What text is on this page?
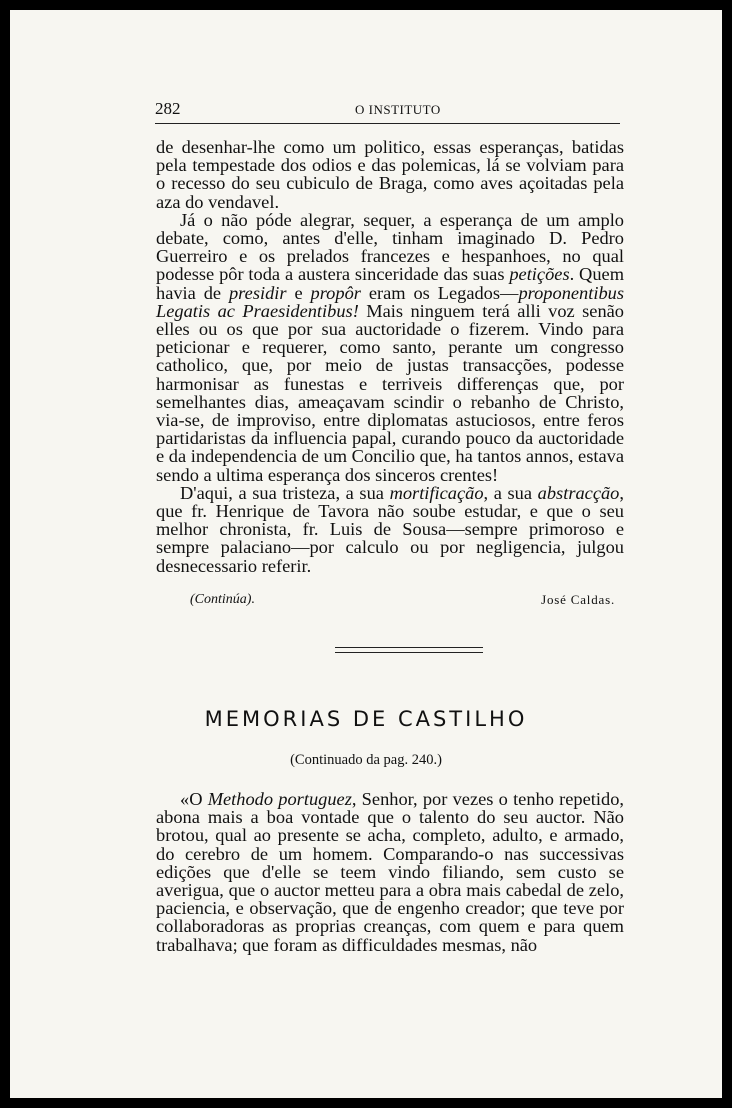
282	O INSTITUTO

de desenhar-lhe como um politico, essas esperanças, batidas pela tempestade dos odios e das polemicas, lá se volviam para o recesso do seu cubiculo de Braga, como aves açoitadas pela aza do vendavel.

Já o não póde alegrar, sequer, a esperança de um amplo debate, como, antes d'elle, tinham imaginado D. Pedro Guerreiro e os prelados francezes e hespanhoes, no qual podesse pôr toda a austera sinceridade das suas petições. Quem havia de presidir e propôr eram os Legados—proponentibus Legatis ac Praesidentibus! Mais ninguem terá alli voz senão elles ou os que por sua auctoridade o fizerem. Vindo para peticionar e requerer, como santo, perante um congresso catholico, que, por meio de justas transacções, podesse harmonisar as funestas e terriveis differenças que, por semelhantes dias, ameaçavam scindir o rebanho de Christo, via-se, de improviso, entre diplomatas astuciosos, entre feros partidaristas da influencia papal, curando pouco da auctoridade e da independencia de um Concilio que, ha tantos annos, estava sendo a ultima esperança dos sinceros crentes!

D'aqui, a sua tristeza, a sua mortificação, a sua abstracção, que fr. Henrique de Tavora não soube estudar, e que o seu melhor chronista, fr. Luis de Sousa—sempre primoroso e sempre palaciano—por calculo ou por negligencia, julgou desnecessario referir.

(Continúa).	José Caldas.
MEMORIAS DE CASTILHO
(Continuado da pag. 240.)

«O Methodo portuguez, Senhor, por vezes o tenho repetido, abona mais a boa vontade que o talento do seu auctor. Não brotou, qual ao presente se acha, completo, adulto, e armado, do cerebro de um homem. Comparando-o nas successivas edições que d'elle se teem vindo filiando, sem custo se averigua, que o auctor metteu para a obra mais cabedal de zelo, paciencia, e observação, que de engenho creador; que teve por collaboradoras as proprias creanças, com quem e para quem trabalhava; que foram as difficuldades mesmas, não
